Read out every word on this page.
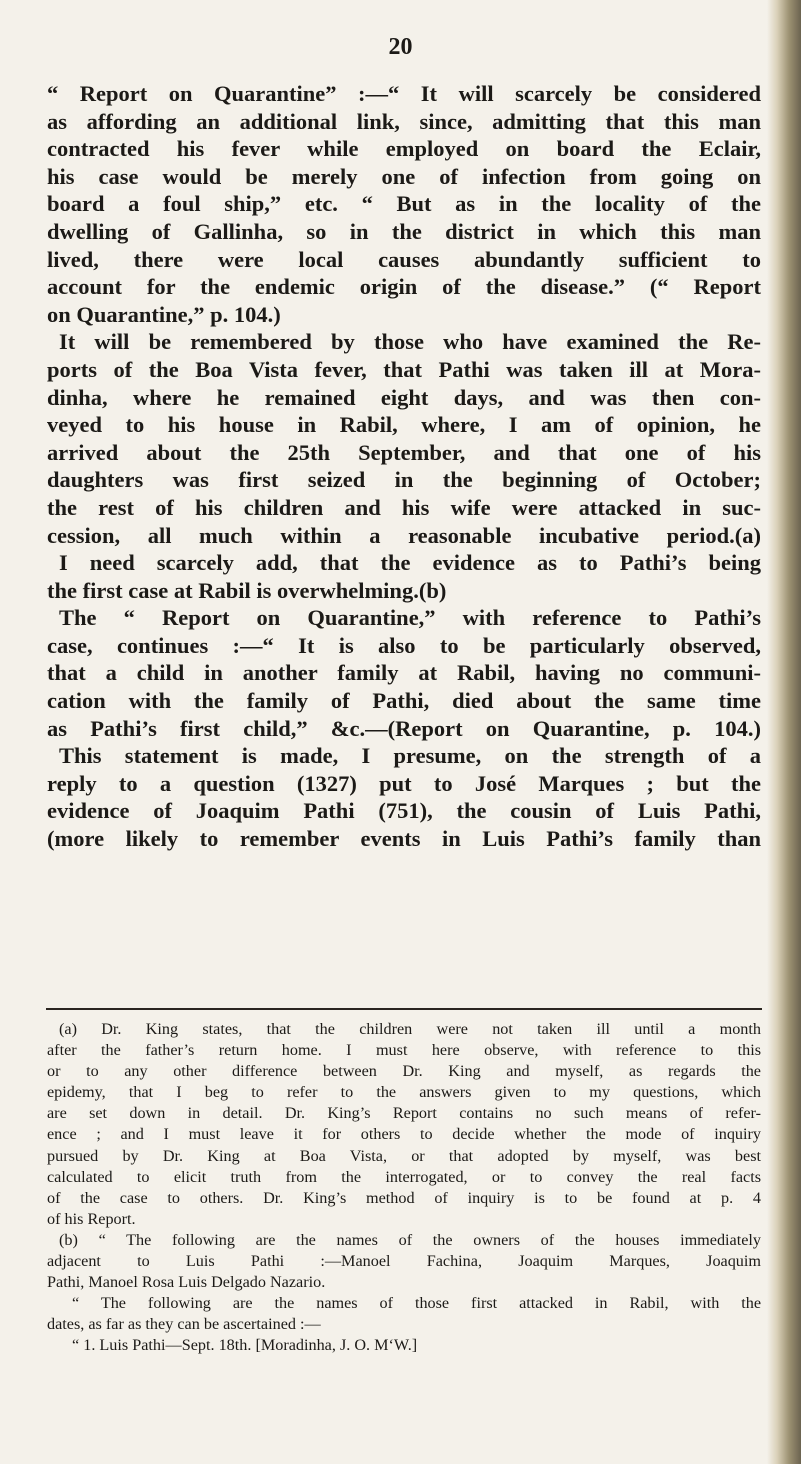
20
“ Report on Quarantine” :—“ It will scarcely be considered
as affording an additional link, since, admitting that this man
contracted his fever while employed on board the Eclair,
his case would be merely one of infection from going on
board a foul ship,” etc. “ But as in the locality of the
dwelling of Gallinha, so in the district in which this man
lived, there were local causes abundantly sufficient to
account for the endemic origin of the disease.” (“ Report
on Quarantine,” p. 104.)
It will be remembered by those who have examined the Re-
ports of the Boa Vista fever, that Pathi was taken ill at Mora-
dinha, where he remained eight days, and was then con-
veyed to his house in Rabil, where, I am of opinion, he
arrived about the 25th September, and that one of his
daughters was first seized in the beginning of October;
the rest of his children and his wife were attacked in suc-
cession, all much within a reasonable incubative period.(a)
I need scarcely add, that the evidence as to Pathi’s being
the first case at Rabil is overwhelming.(b)
The “ Report on Quarantine,” with reference to Pathi’s
case, continues :—“ It is also to be particularly observed,
that a child in another family at Rabil, having no communi-
cation with the family of Pathi, died about the same time
as Pathi’s first child,” &c.—(Report on Quarantine, p. 104.)
This statement is made, I presume, on the strength of a
reply to a question (1327) put to José Marques ; but the
evidence of Joaquim Pathi (751), the cousin of Luis Pathi,
(more likely to remember events in Luis Pathi’s family than
(a) Dr. King states, that the children were not taken ill until a month
after the father’s return home. I must here observe, with reference to this
or to any other difference between Dr. King and myself, as regards the
epidemy, that I beg to refer to the answers given to my questions, which
are set down in detail. Dr. King’s Report contains no such means of refer-
ence ; and I must leave it for others to decide whether the mode of inquiry
pursued by Dr. King at Boa Vista, or that adopted by myself, was best
calculated to elicit truth from the interrogated, or to convey the real facts
of the case to others. Dr. King’s method of inquiry is to be found at p. 4
of his Report.
(b) “ The following are the names of the owners of the houses immediately
adjacent to Luis Pathi :—Manoel Fachina, Joaquim Marques, Joaquim
Pathi, Manoel Rosa Luis Delgado Nazario.
“ The following are the names of those first attacked in Rabil, with the
dates, as far as they can be ascertained :—
“ 1. Luis Pathi—Sept. 18th. [Moradinha, J. O. M‘W.]
